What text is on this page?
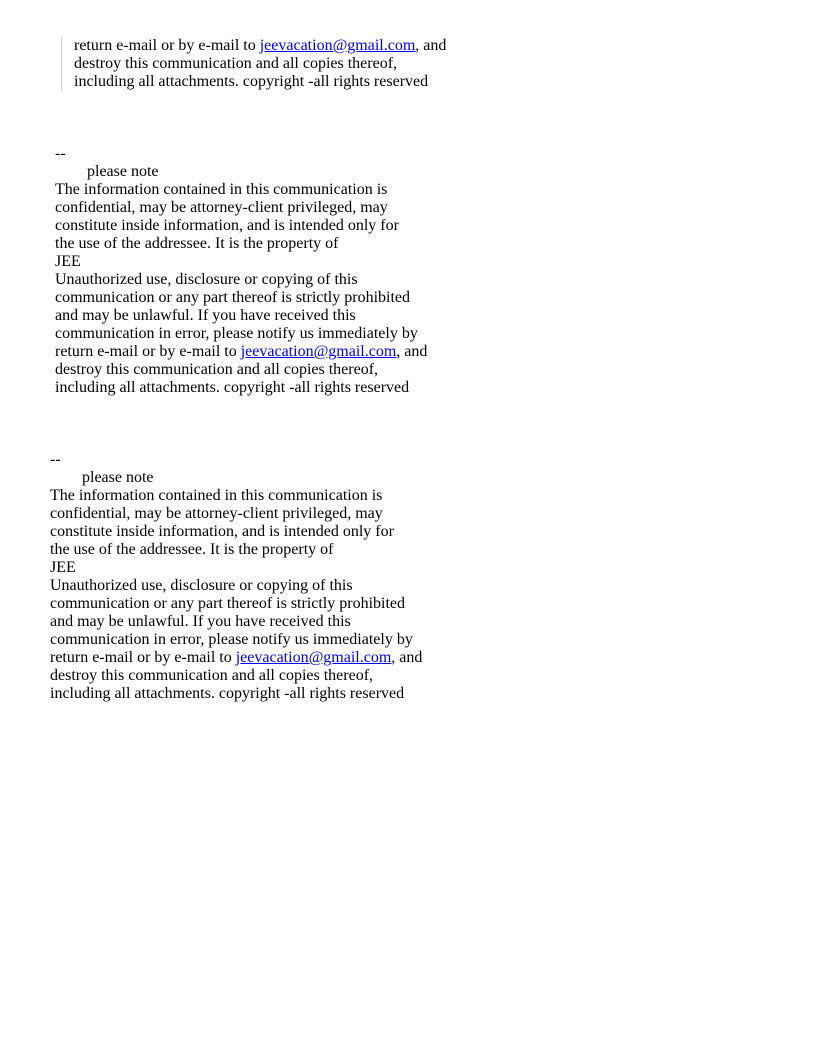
return e-mail or by e-mail to jeevacation@gmail.com, and
destroy this communication and all copies thereof,
including all attachments. copyright -all rights reserved
--
please note
The information contained in this communication is
confidential, may be attorney-client privileged, may
constitute inside information, and is intended only for
the use of the addressee. It is the property of
JEE
Unauthorized use, disclosure or copying of this
communication or any part thereof is strictly prohibited
and may be unlawful. If you have received this
communication in error, please notify us immediately by
return e-mail or by e-mail to jeevacation@gmail.com, and
destroy this communication and all copies thereof,
including all attachments. copyright -all rights reserved
--
please note
The information contained in this communication is
confidential, may be attorney-client privileged, may
constitute inside information, and is intended only for
the use of the addressee. It is the property of
JEE
Unauthorized use, disclosure or copying of this
communication or any part thereof is strictly prohibited
and may be unlawful. If you have received this
communication in error, please notify us immediately by
return e-mail or by e-mail to jeevacation@gmail.com, and
destroy this communication and all copies thereof,
including all attachments. copyright -all rights reserved
